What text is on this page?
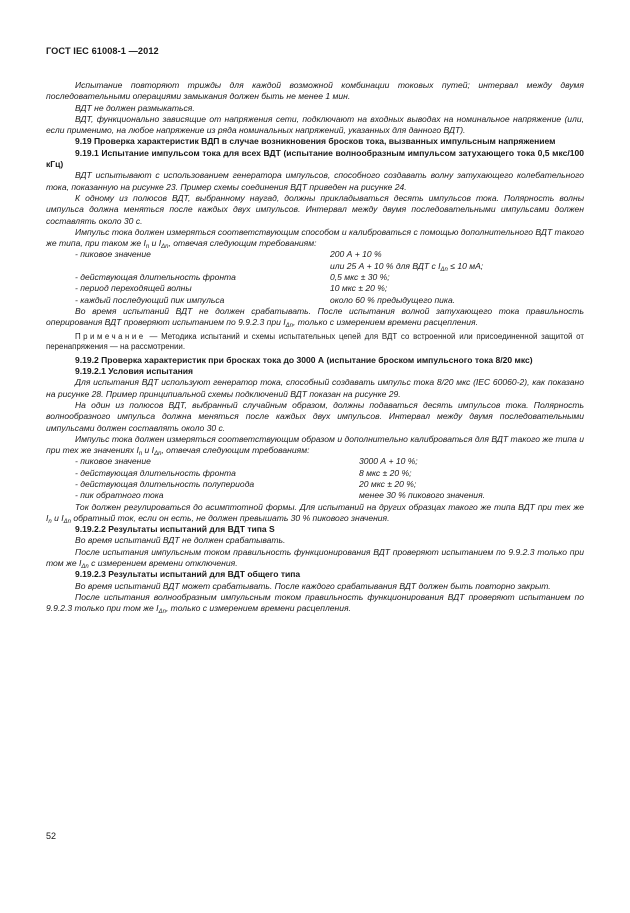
ГОСТ IEC 61008-1 —2012

Испытание повторяют трижды для каждой возможной комбинации токовых путей; интервал между двумя последовательными операциями замыкания должен быть не менее 1 мин.

ВДТ не должен размыкаться.

ВДТ, функционально зависящие от напряжения сети, подключают на входных выводах на номинальное напряжение (или, если применимо, на любое напряжение из ряда номинальных напряжений, указанных для данного ВДТ).

9.19 Проверка характеристик ВДП в случае возникновения бросков тока, вызванных импульсным напряжением

9.19.1 Испытание импульсом тока для всех ВДТ (испытание волнообразным импульсом затухающего тока 0,5 мкс/100 кГц)

ВДТ испытывают с использованием генератора импульсов, способного создавать волну затухающего колебательного тока, показанную на рисунке 23. Пример схемы соединения ВДТ приведен на рисунке 24.

К одному из полюсов ВДТ, выбранному наугад, должны прикладываться десять импульсов тока. Полярность волны импульса должна меняться после каждых двух импульсов. Интервал между двумя последовательными импульсами должен составлять около 30 с.

Импульс тока должен измеряться соответствующим способом и калиброваться с помощью дополнительного ВДТ такого же типа, при таком же $I_n$ и $I_{\Delta n}$, отвечая следующим требованиям:

- пиковое значение	200 А + 10 %
или 25 А + 10 % для ВДТ с $I_{\Delta n} \le 10$ мА;
- действующая длительность фронта	0,5 мкс ± 30 %;
- период переходящей волны	10 мкс ± 20 %;
- каждый последующий пик импульса	около 60 % предыдущего пика.

Во время испытаний ВДТ не должен срабатывать. После испытания волной затухающего тока правильность оперирования ВДТ проверяют испытанием по 9.9.2.3 при $I_{\Delta n}$, только с измерением времени расцепления.

Примечание — Методика испытаний и схемы испытательных цепей для ВДТ со встроенной или присоединенной защитой от перенапряжения — на рассмотрении.

9.19.2 Проверка характеристик при бросках тока до 3000 А (испытание броском импульсного тока 8/20 мкс)

9.19.2.1 Условия испытания

Для испытания ВДТ используют генератор тока, способный создавать импульс тока 8/20 мкс (IEC 60060-2), как показано на рисунке 28. Пример принципиальной схемы подключений ВДТ показан на рисунке 29.

На один из полюсов ВДТ, выбранный случайным образом, должны подаваться десять импульсов тока. Полярность волнообразного импульса должна меняться после каждых двух импульсов. Интервал между двумя последовательными импульсами должен составлять около 30 с.

Импульс тока должен измеряться соответствующим образом и дополнительно калиброваться для ВДТ такого же типа и при тех же значениях $I_n$ и $I_{\Delta n}$, отвечая следующим требованиям:

- пиковое значение	3000 А + 10 %;
- действующая длительность фронта	8 мкс ± 20 %;
- действующая длительность полупериода	20 мкс ± 20 %;
- пик обратного тока	менее 30 % пикового значения.

Ток должен регулироваться до асимптотной формы. Для испытаний на других образцах такого же типа ВДТ при тех же $I_n$ и $I_{\Delta n}$ обратный ток, если он есть, не должен превышать 30 % пикового значения.

9.19.2.2 Результаты испытаний для ВДТ типа S

Во время испытаний ВДТ не должен срабатывать.

После испытания импульсным током правильность функционирования ВДТ проверяют испытанием по 9.9.2.3 только при том же $I_{\Delta n}$ с измерением времени отключения.

9.19.2.3 Результаты испытаний для ВДТ общего типа

Во время испытаний ВДТ может срабатывать. После каждого срабатывания ВДТ должен быть повторно закрыт.

После испытания волнообразным импульсным током правильность функционирования ВДТ проверяют испытанием по 9.9.2.3 только при том же $I_{\Delta n}$, только с измерением времени расцепления.

52
